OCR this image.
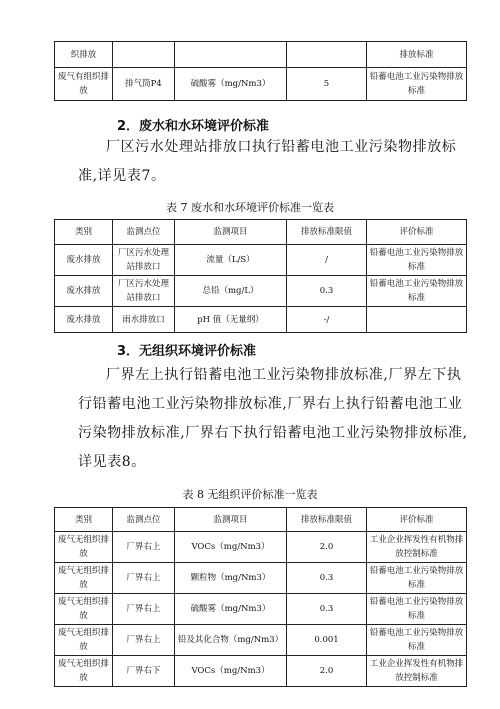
织排放				排放标准
废气有组织排放	排气筒P4	硫酸雾（mg/Nm3）	5	铅蓄电池工业污染物排放标准
2．废水和水环境评价标准
厂区污水处理站排放口执行铅蓄电池工业污染物排放标准,详见表7。
表 7 废水和水环境评价标准一览表
类别	监测点位	监测项目	排放标准限值	评价标准
废水排放	厂区污水处理站排放口	流量（L/S）	/	铅蓄电池工业污染物排放标准
废水排放	厂区污水处理站排放口	总铅（mg/L）	0.3	铅蓄电池工业污染物排放标准
废水排放	雨水排放口	pH 值（无量纲）	-/	
3．无组织环境评价标准
厂界左上执行铅蓄电池工业污染物排放标准,厂界左下执行铅蓄电池工业污染物排放标准,厂界右上执行铅蓄电池工业污染物排放标准,厂界右下执行铅蓄电池工业污染物排放标准,详见表8。
表 8 无组织评价标准一览表
类别	监测点位	监测项目	排放标准限值	评价标准
废气无组织排放	厂界右上	VOCs（mg/Nm3）	2.0	工业企业挥发性有机物排放控制标准
废气无组织排放	厂界右上	颗粒物（mg/Nm3）	0.3	铅蓄电池工业污染物排放标准
废气无组织排放	厂界右上	硫酸雾（mg/Nm3）	0.3	铅蓄电池工业污染物排放标准
废气无组织排放	厂界右上	铅及其化合物（mg/Nm3）	0.001	铅蓄电池工业污染物排放标准
废气无组织排放	厂界右下	VOCs（mg/Nm3）	2.0	工业企业挥发性有机物排放控制标准
